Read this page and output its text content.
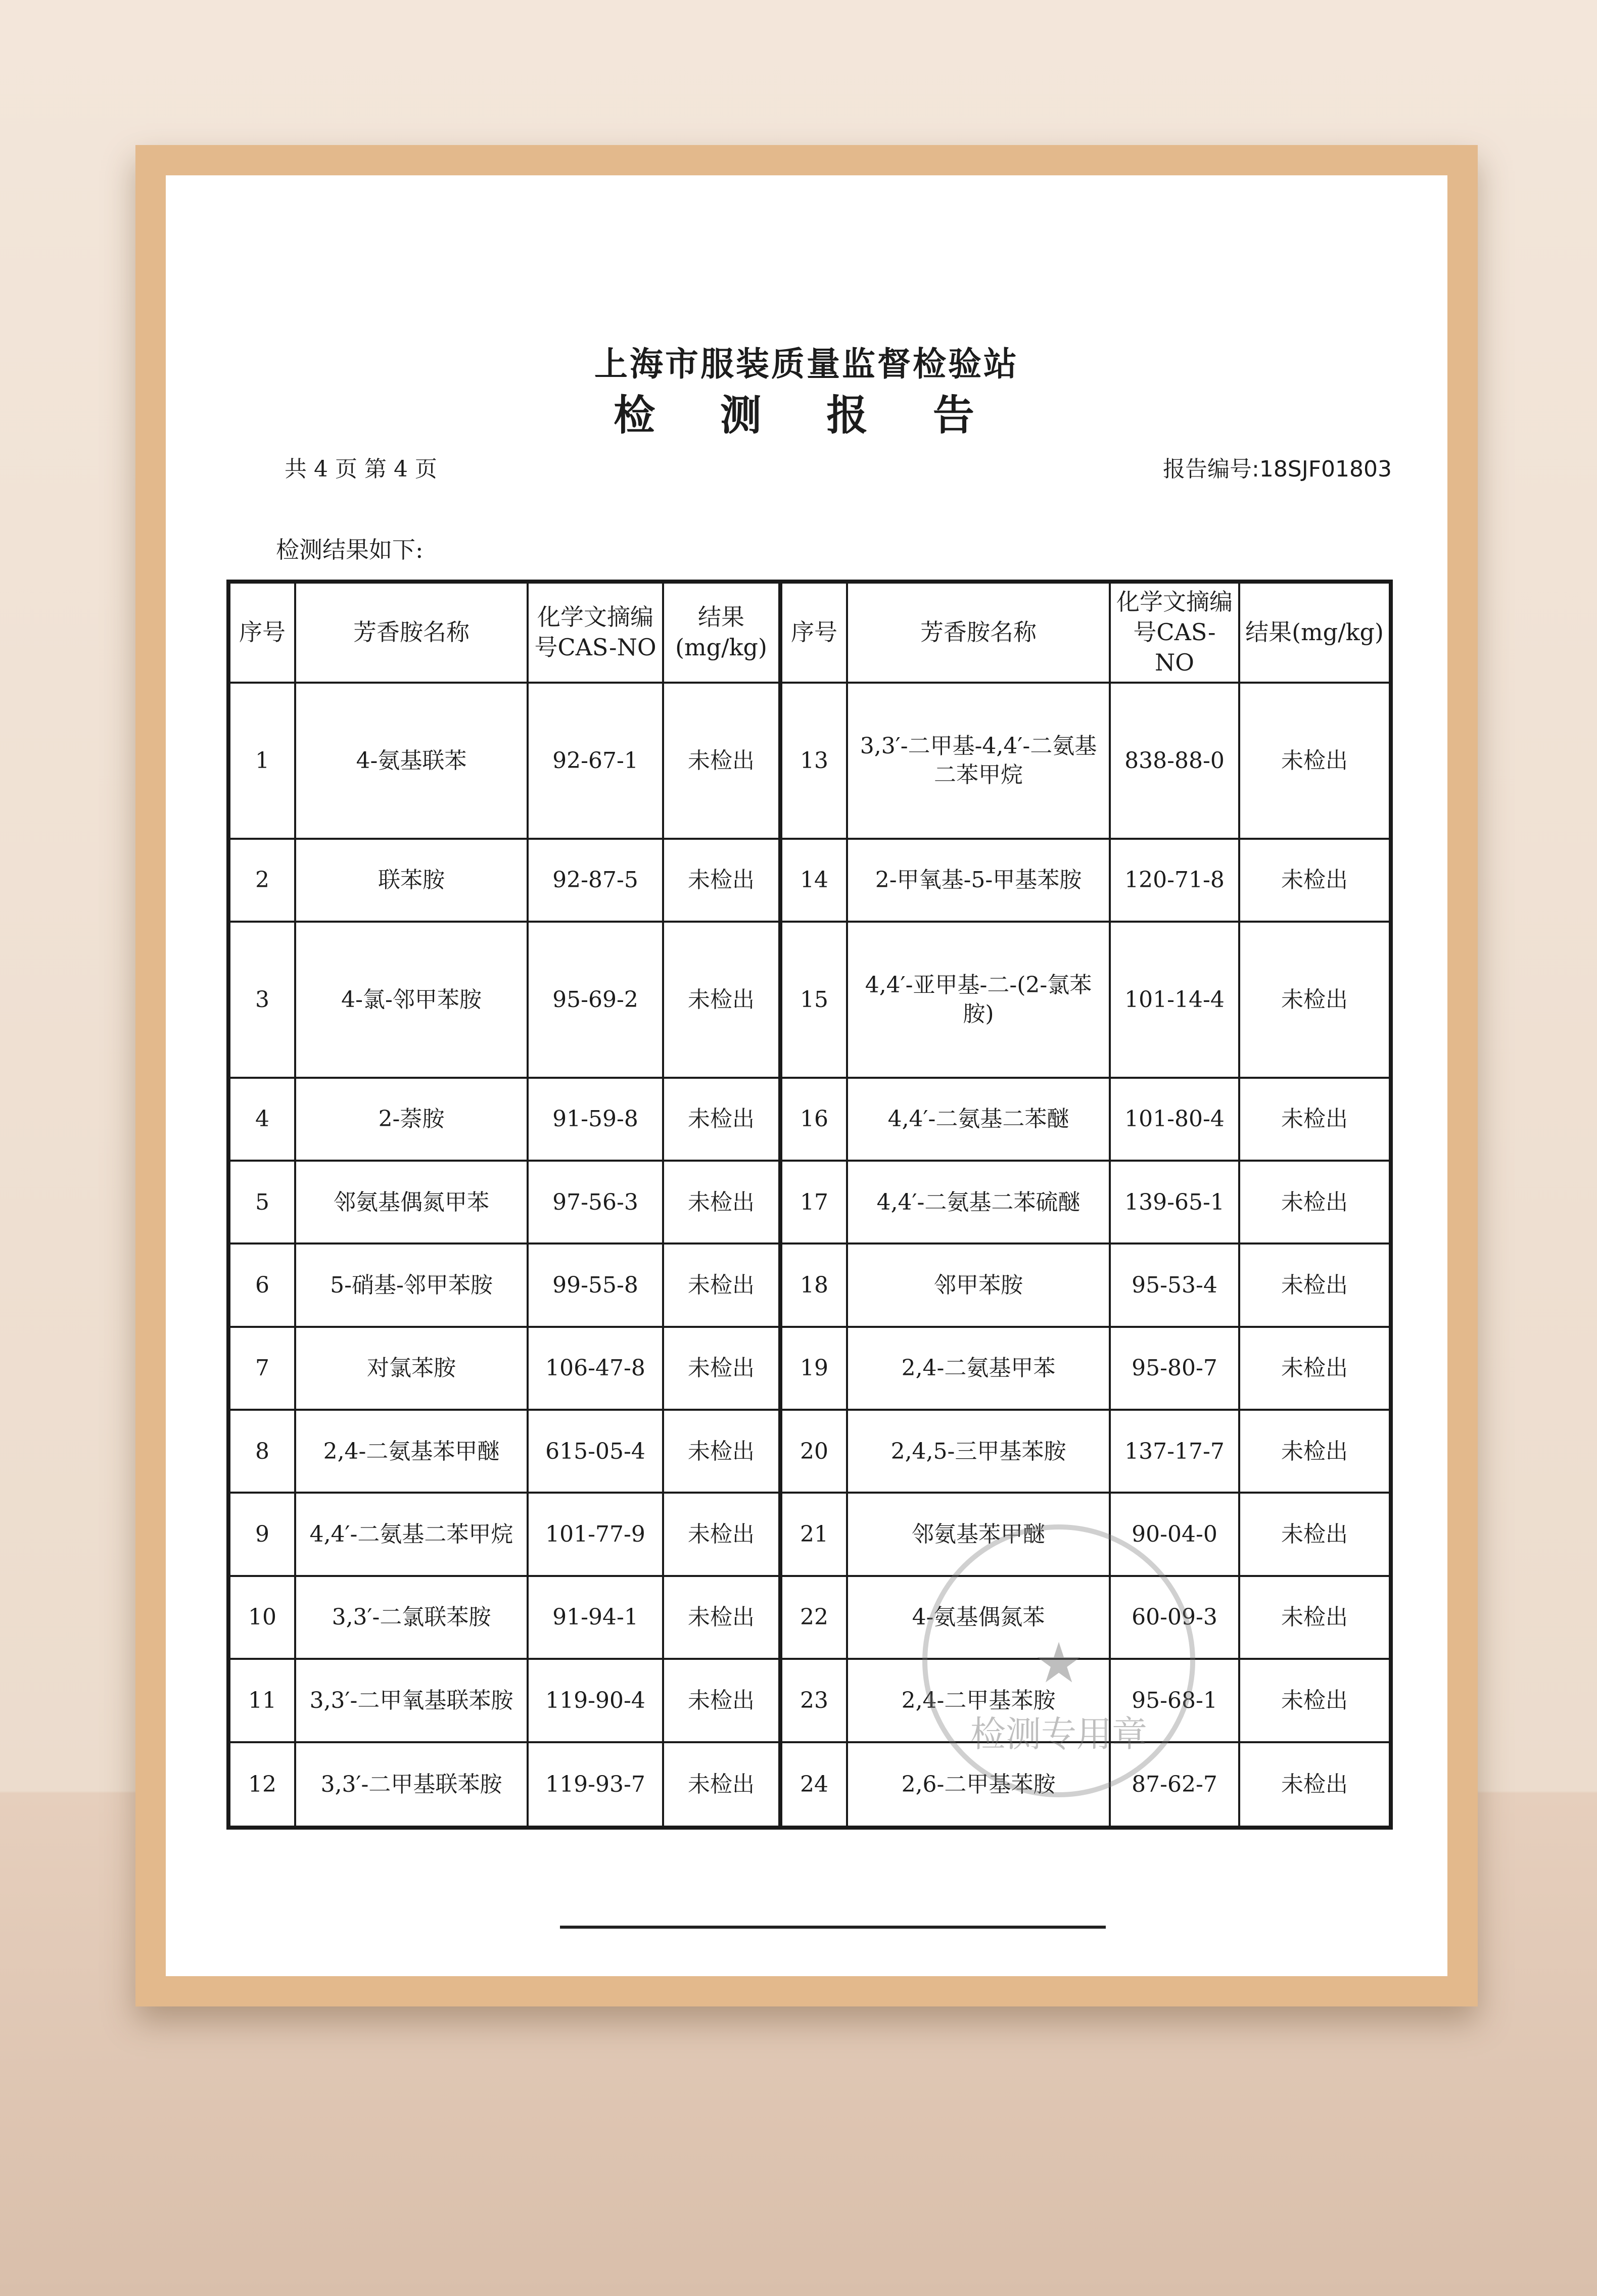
上海市服装质量监督检验站
检 测 报 告
共 4 页 第 4 页	报告编号:18SJF01803
检测结果如下:
序号	芳香胺名称	化学文摘编号CAS-NO	结果(mg/kg)	序号	芳香胺名称	化学文摘编号CAS-NO	结果(mg/kg)
1	4-氨基联苯	92-67-1	未检出	13	3,3′-二甲基-4,4′-二氨基二苯甲烷	838-88-0	未检出
2	联苯胺	92-87-5	未检出	14	2-甲氧基-5-甲基苯胺	120-71-8	未检出
3	4-氯-邻甲苯胺	95-69-2	未检出	15	4,4′-亚甲基-二-(2-氯苯胺)	101-14-4	未检出
4	2-萘胺	91-59-8	未检出	16	4,4′-二氨基二苯醚	101-80-4	未检出
5	邻氨基偶氮甲苯	97-56-3	未检出	17	4,4′-二氨基二苯硫醚	139-65-1	未检出
6	5-硝基-邻甲苯胺	99-55-8	未检出	18	邻甲苯胺	95-53-4	未检出
7	对氯苯胺	106-47-8	未检出	19	2,4-二氨基甲苯	95-80-7	未检出
8	2,4-二氨基苯甲醚	615-05-4	未检出	20	2,4,5-三甲基苯胺	137-17-7	未检出
9	4,4′-二氨基二苯甲烷	101-77-9	未检出	21	邻氨基苯甲醚	90-04-0	未检出
10	3,3′-二氯联苯胺	91-94-1	未检出	22	4-氨基偶氮苯	60-09-3	未检出
11	3,3′-二甲氧基联苯胺	119-90-4	未检出	23	2,4-二甲基苯胺	95-68-1	未检出
12	3,3′-二甲基联苯胺	119-93-7	未检出	24	2,6-二甲基苯胺	87-62-7	未检出
★
检测专用章
